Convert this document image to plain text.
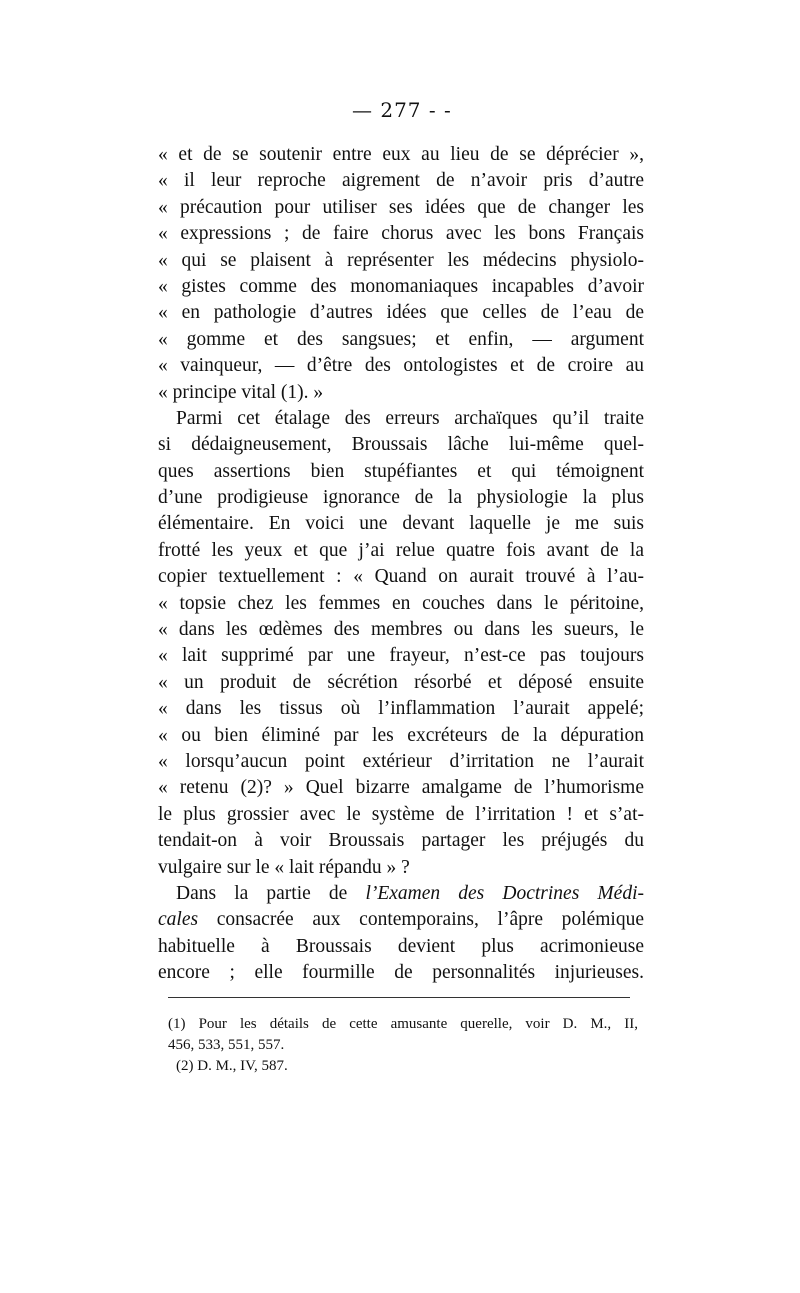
— 277 - -
« et de se soutenir entre eux au lieu de se déprécier »,
« il leur reproche aigrement de n’avoir pris d’autre
« précaution pour utiliser ses idées que de changer les
« expressions ; de faire chorus avec les bons Français
« qui se plaisent à représenter les médecins physiolo-
« gistes comme des monomaniaques incapables d’avoir
« en pathologie d’autres idées que celles de l’eau de
« gomme et des sangsues; et enfin, — argument
« vainqueur, — d’être des ontologistes et de croire au
« principe vital (1). »
Parmi cet étalage des erreurs archaïques qu’il traite
si dédaigneusement, Broussais lâche lui-même quel-
ques assertions bien stupéfiantes et qui témoignent
d’une prodigieuse ignorance de la physiologie la plus
élémentaire. En voici une devant laquelle je me suis
frotté les yeux et que j’ai relue quatre fois avant de la
copier textuellement : « Quand on aurait trouvé à l’au-
« topsie chez les femmes en couches dans le péritoine,
« dans les œdèmes des membres ou dans les sueurs, le
« lait supprimé par une frayeur, n’est-ce pas toujours
« un produit de sécrétion résorbé et déposé ensuite
« dans les tissus où l’inflammation l’aurait appelé;
« ou bien éliminé par les excréteurs de la dépuration
« lorsqu’aucun point extérieur d’irritation ne l’aurait
« retenu (2)? » Quel bizarre amalgame de l’humorisme
le plus grossier avec le système de l’irritation ! et s’at-
tendait-on à voir Broussais partager les préjugés du
vulgaire sur le « lait répandu » ?
Dans la partie de l’Examen des Doctrines Médi-
cales consacrée aux contemporains, l’âpre polémique
habituelle à Broussais devient plus acrimonieuse
encore ; elle fourmille de personnalités injurieuses.
(1) Pour les détails de cette amusante querelle, voir D. M., II,
456, 533, 551, 557.
(2) D. M., IV, 587.
